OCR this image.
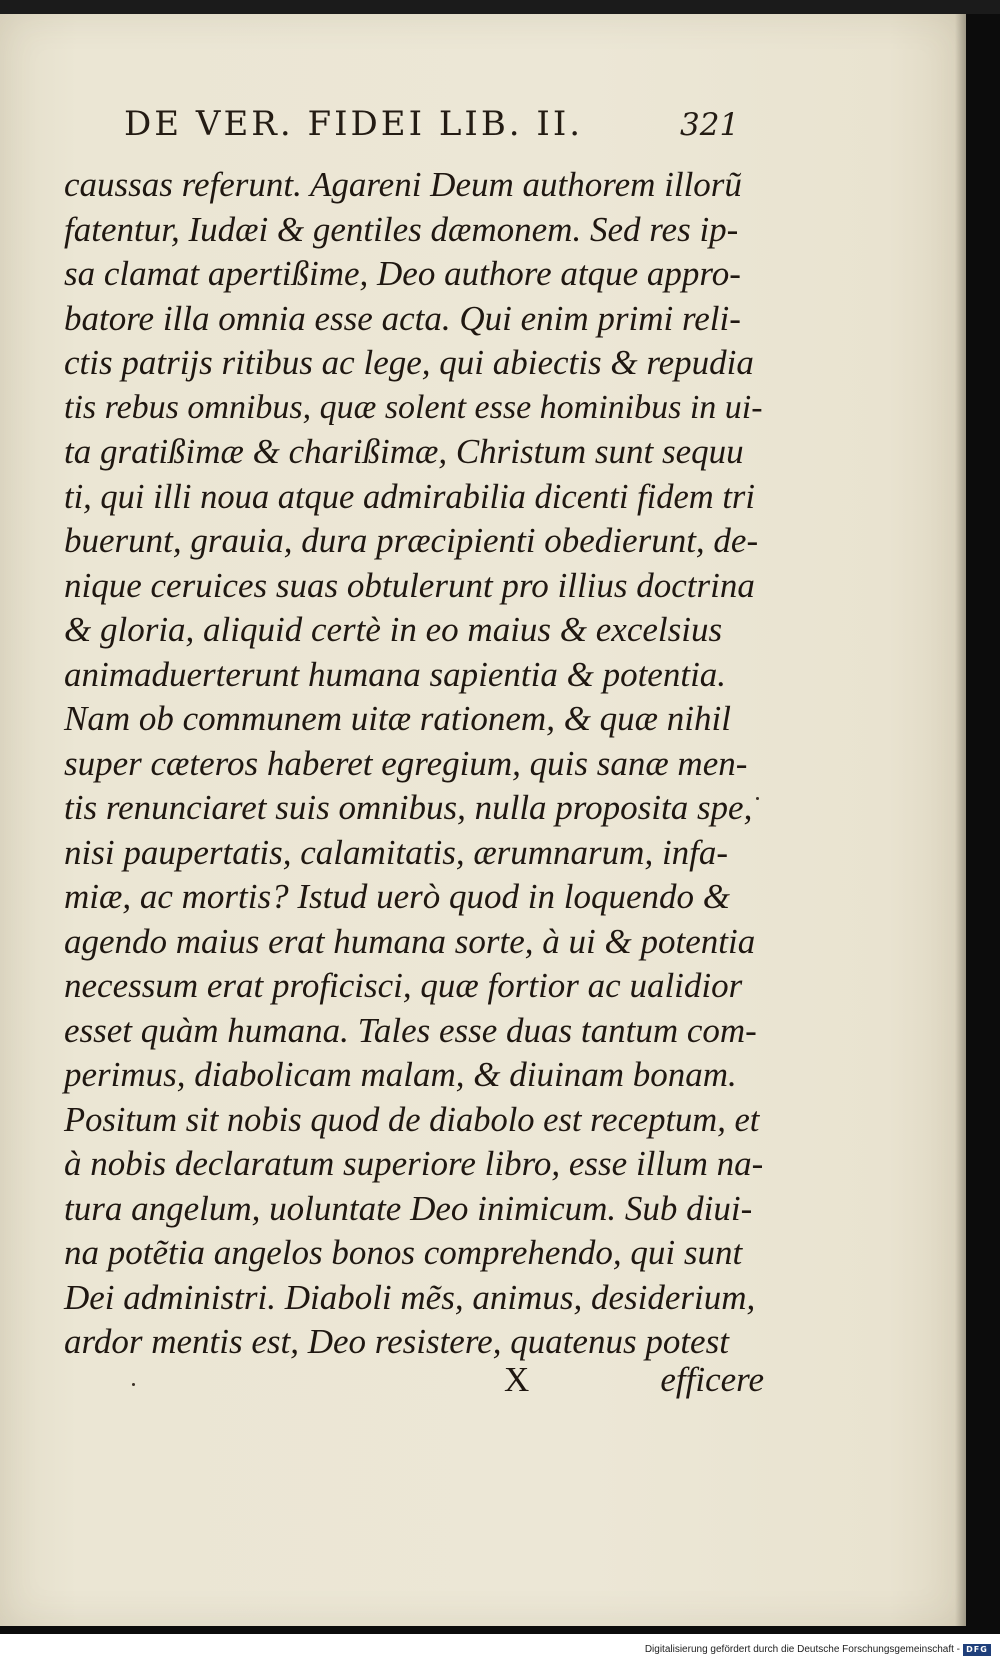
DE VER. FIDEI LIB. II.	321
caussas referunt. Agareni Deum authorem illorũ
fatentur, Iudæi & gentiles dæmonem. Sed res ip-
sa clamat apertißime, Deo authore atque appro-
batore illa omnia esse acta. Qui enim primi reli-
ctis patrijs ritibus ac lege, qui abiectis & repudia
tis rebus omnibus, quæ solent esse hominibus in ui-
ta gratißimæ & charißimæ, Christum sunt sequu
ti, qui illi noua atque admirabilia dicenti fidem tri
buerunt, grauia, dura præcipienti obedierunt, de-
nique ceruices suas obtulerunt pro illius doctrina
& gloria, aliquid certè in eo maius & excelsius
animaduerterunt humana sapientia & potentia.
Nam ob communem uitæ rationem, & quæ nihil
super cæteros haberet egregium, quis sanæ men-
tis renunciaret suis omnibus, nulla proposita spe,
nisi paupertatis, calamitatis, ærumnarum, infa-
miæ, ac mortis? Istud uerò quod in loquendo &
agendo maius erat humana sorte, à ui & potentia
necessum erat proficisci, quæ fortior ac ualidior
esset quàm humana. Tales esse duas tantum com-
perimus, diabolicam malam, & diuinam bonam.
Positum sit nobis quod de diabolo est receptum, et
à nobis declaratum superiore libro, esse illum na-
tura angelum, uoluntate Deo inimicum. Sub diui-
na potẽtia angelos bonos comprehendo, qui sunt
Dei administri. Diaboli mẽs, animus, desiderium,
ardor mentis est, Deo resistere, quatenus potest
X	efficere
Digitalisierung gefördert durch die Deutsche Forschungsgemeinschaft - DFG
